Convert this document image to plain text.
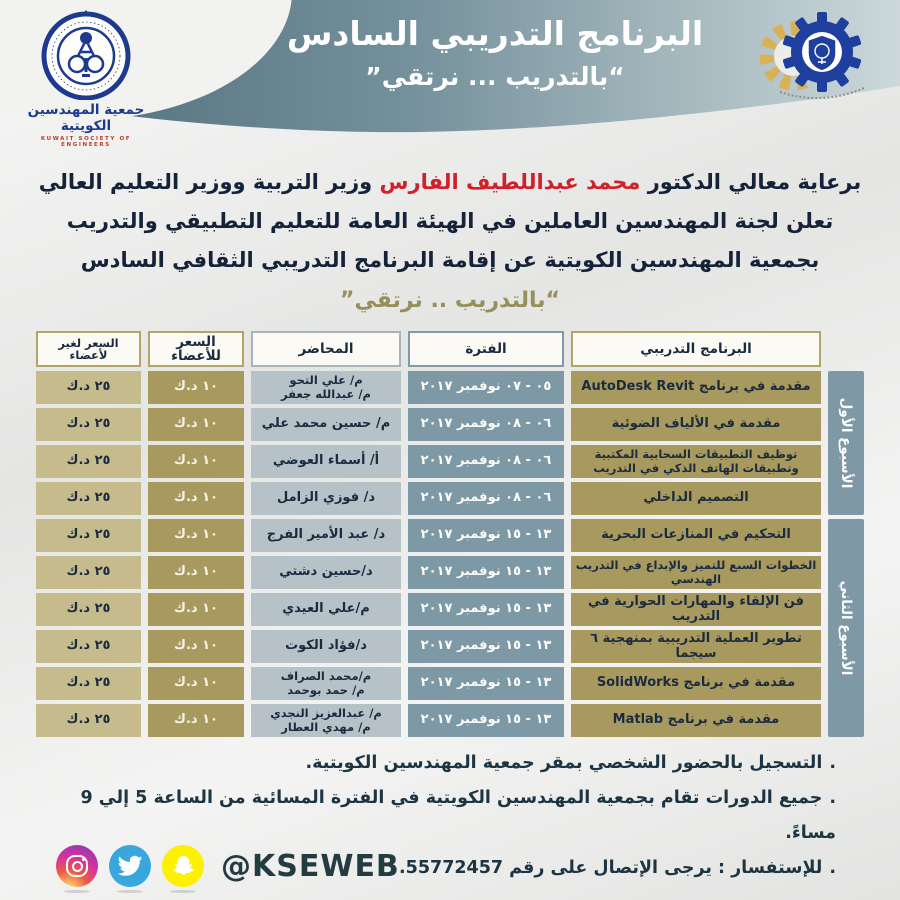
البرنامج التدريبي السادس
“بالتدريب ... نرتقي”
جمعية المهندسين الكويتية
KUWAIT SOCIETY OF ENGINEERS
برعاية معالي الدكتور محمد عبداللطيف الفارس وزير التربية ووزير التعليم العالي
تعلن لجنة المهندسين العاملين في الهيئة العامة للتعليم التطبيقي والتدريب
بجمعية المهندسين الكويتية عن إقامة البرنامج التدريبي الثقافي السادس
“بالتدريب .. نرتقي”
البرنامج التدريبي
الفترة
المحاضر
السعر للأعضاء
السعر لغير لأعضاء
الأسبوع الأول
الأسبوع الثاني
مقدمة في برنامج AutoDesk Revit
٠٥ - ٠٧ نوفمبر ٢٠١٧
م/ علي التحو
م/ عبدالله جعفر
١٠ د.ك
٢٥ د.ك
مقدمة في الألياف الضوئية
٠٦ - ٠٨ نوفمبر ٢٠١٧
م/ حسين محمد علي
١٠ د.ك
٢٥ د.ك
توظيف التطبيقات السحابية المكتبية وتطبيقات الهاتف الذكي في التدريب
٠٦ - ٠٨ نوفمبر ٢٠١٧
أ/ أسماء العوضي
١٠ د.ك
٢٥ د.ك
التصميم الداخلي
٠٦ - ٠٨ نوفمبر ٢٠١٧
د/ فوزي الزامل
١٠ د.ك
٢٥ د.ك
التحكيم في المنازعات البحرية
١٣ - ١٥ نوفمبر ٢٠١٧
د/ عبد الأمير الفرج
١٠ د.ك
٢٥ د.ك
الخطوات السبع للتميز والإبداع في التدريب الهندسي
١٣ - ١٥ نوفمبر ٢٠١٧
د/حسين دشتي
١٠ د.ك
٢٥ د.ك
فن الإلقاء والمهارات الحوارية في التدريب
١٣ - ١٥ نوفمبر ٢٠١٧
م/علي العيدي
١٠ د.ك
٢٥ د.ك
تطوير العملية التدريبية بمنهجية ٦ سيجما
١٣ - ١٥ نوفمبر ٢٠١٧
د/فؤاد الكوت
١٠ د.ك
٢٥ د.ك
مقدمة في برنامج SolidWorks
١٣ - ١٥ نوفمبر ٢٠١٧
م/محمد الصراف
م/ حمد بوحمد
١٠ د.ك
٢٥ د.ك
مقدمة في برنامج Matlab
١٣ - ١٥ نوفمبر ٢٠١٧
م/ عبدالعزيز النجدي
م/ مهدي العطار
١٠ د.ك
٢٥ د.ك
.التسجيل بالحضور الشخصي بمقر جمعية المهندسين الكويتية.
.جميع الدورات تقام بجمعية المهندسين الكويتية في الفترة المسائية من الساعة 5 إلي 9 مساءً.
.للإستفسار : يرجى الإتصال على رقم 55772457.
@KSEWEB
